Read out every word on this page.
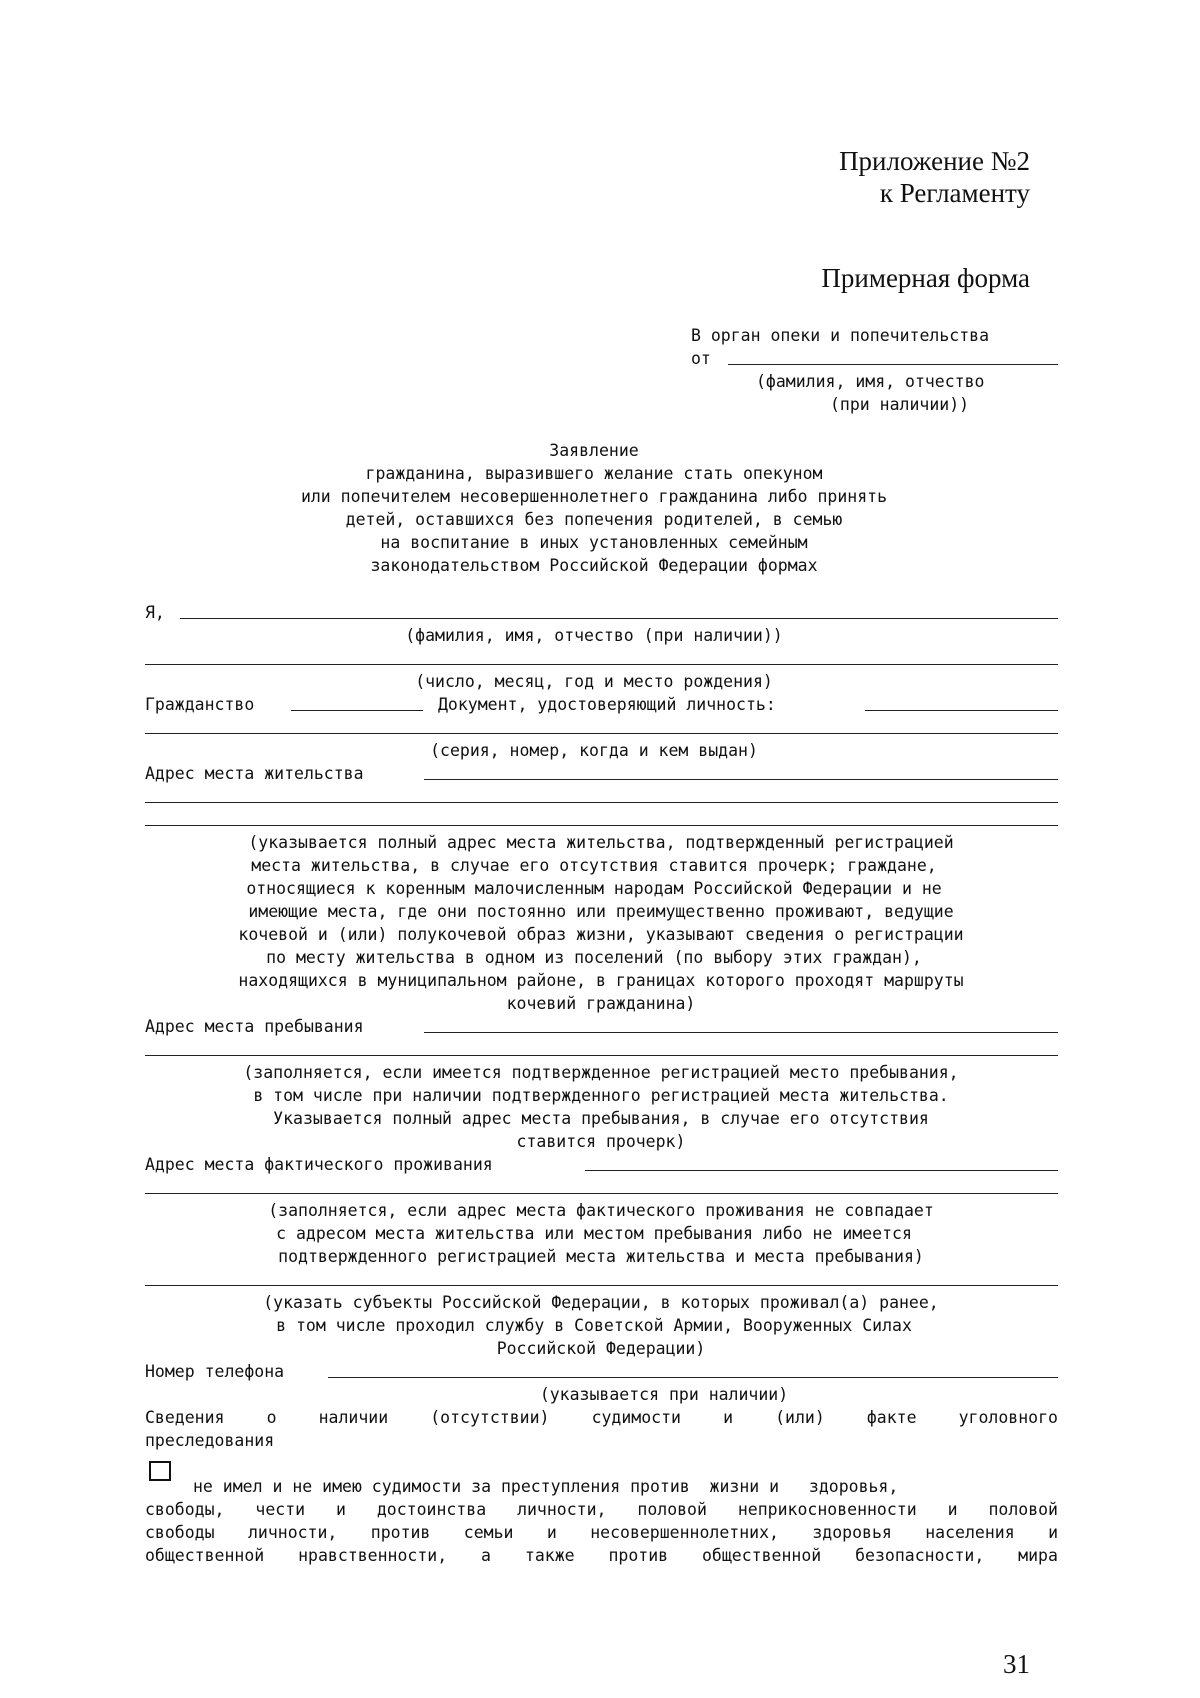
Приложение №2
к Регламенту
Примерная форма
В орган опеки и попечительства
от
(фамилия, имя, отчество
(при наличии))
Заявление
гражданина, выразившего желание стать опекуном
или попечителем несовершеннолетнего гражданина либо принять
детей, оставшихся без попечения родителей, в семью
на воспитание в иных установленных семейным
законодательством Российской Федерации формах
Я,
(фамилия, имя, отчество (при наличии))
(число, месяц, год и место рождения)
Гражданство	Документ, удостоверяющий личность:
(серия, номер, когда и кем выдан)
Адрес места жительства
(указывается полный адрес места жительства, подтвержденный регистрацией
места жительства, в случае его отсутствия ставится прочерк; граждане,
относящиеся к коренным малочисленным народам Российской Федерации и не
имеющие места, где они постоянно или преимущественно проживают, ведущие
кочевой и (или) полукочевой образ жизни, указывают сведения о регистрации
по месту жительства в одном из поселений (по выбору этих граждан),
находящихся в муниципальном районе, в границах которого проходят маршруты
кочевий гражданина)
Адрес места пребывания
(заполняется, если имеется подтвержденное регистрацией место пребывания,
в том числе при наличии подтвержденного регистрацией места жительства.
Указывается полный адрес места пребывания, в случае его отсутствия
ставится прочерк)
Адрес места фактического проживания
(заполняется, если адрес места фактического проживания не совпадает
с адресом места жительства или местом пребывания либо не имеется
подтвержденного регистрацией места жительства и места пребывания)
(указать субъекты Российской Федерации, в которых проживал(а) ранее,
в том числе проходил службу в Советской Армии, Вооруженных Силах
Российской Федерации)
Номер телефона
(указывается при наличии)
Сведения	о	наличии	(отсутствии)	судимости	и	(или)	факте	уголовного
преследования
не имел и не имею судимости за преступления против  жизни и   здоровья,
свободы, чести и достоинства личности, половой неприкосновенности и половой
свободы личности, против семьи и несовершеннолетних, здоровья населения и
общественной нравственности, а также против общественной безопасности, мира
31
